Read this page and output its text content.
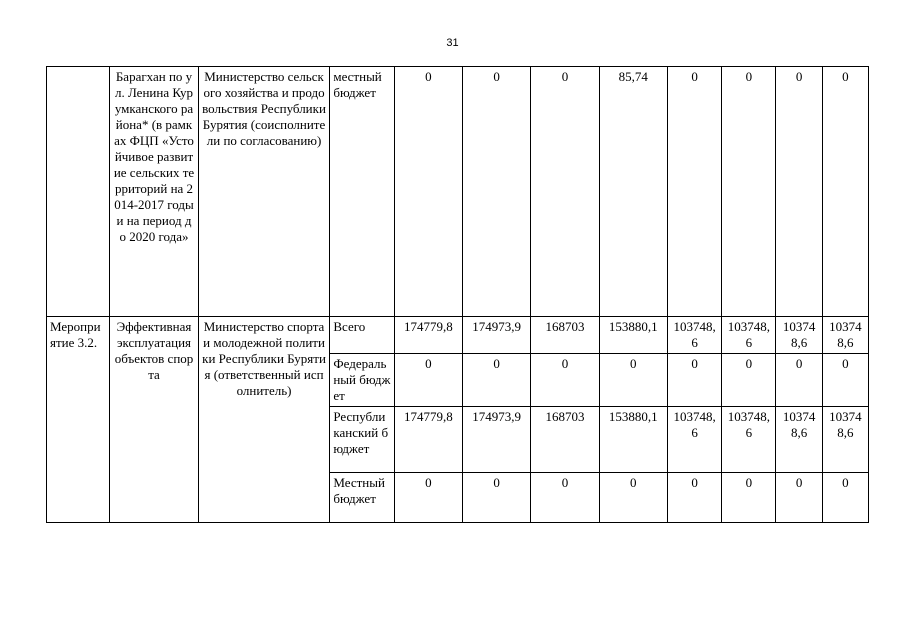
31
	Барагхан по ул. Ленина Курумканского района* (в рамках ФЦП «Устойчивое развитие сельских территорий на 2014-2017 годы и на период до 2020 года»	Министерство сельского хозяйства и продовольствия Республики Бурятия (соисполнители по согласованию)	местный бюджет	0	0	0	85,74	0	0	0	0
Мероприятие 3.2.	Эффективная эксплуатация объектов спорта	Министерство спорта и молодежной политики Республики Бурятия (ответственный исполнитель)	Всего	174779,8	174973,9	168703	153880,1	103748,6	103748,6	103748,6	103748,6
			Федеральный бюджет	0	0	0	0	0	0	0	0
			Республиканский бюджет	174779,8	174973,9	168703	153880,1	103748,6	103748,6	103748,6	103748,6
			Местный бюджет	0	0	0	0	0	0	0	0
